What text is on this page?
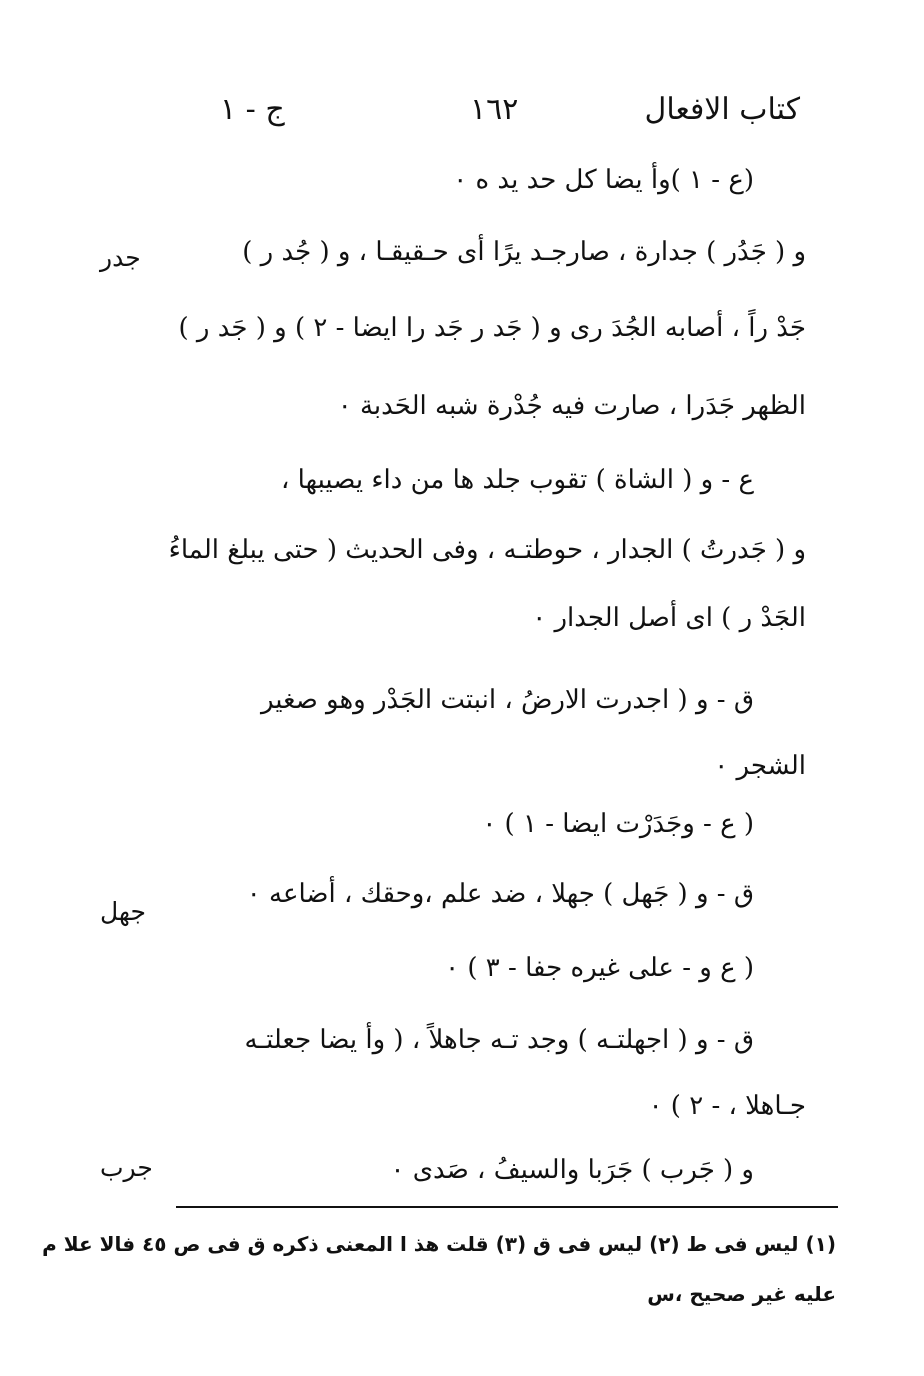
كتاب الافعال
١٦٢
ج - ١
(ع - ١ )وأ يضا كل حد يد ه ٠
و ( جَدُر ) جدارة ، صارجـد يرًا أى حـقيقـا ، و ( جُد ر )
جَدْ راً ، أصابه الجُدَ رى و ( جَد ر جَد را ايضا - ٢ ) و ( جَد ر )
الظهر جَدَرا ، صارت فيه جُدْرة شبه الحَدبة ٠
ع - و ( الشاة ) تقوب جلد ها من داء يصيبها ،
و ( جَدرتُ ) الجدار ، حوطتـه ، وفى الحديث ( حتى يبلغ الماءُ
الجَدْ ر ) اى أصل الجدار ٠
ق - و ( اجدرت الارضُ ، انبتت الجَدْر وهو صغير
الشجر ٠
( ع - وجَدَرْت ايضا - ١ ) ٠
ق - و ( جَهل ) جهلا ، ضد علم ،وحقك ، أضاعه ٠
( ع و - على غيره جفا - ٣ ) ٠
ق - و ( اجهلتـه ) وجد تـه جاهلاً ، ( وأ يضا جعلتـه
جـاهلا ، - ٢ ) ٠
و ( جَرب ) جَرَبا والسيفُ ، صَدى ٠
جدر
جهل
جرب
(١) ليس فى ط (٢) ليس فى ق (٣) قلت هذ ا المعنى ذكره ق فى ص ٤٥ فالا علا م
عليه غير صحيح ،س
